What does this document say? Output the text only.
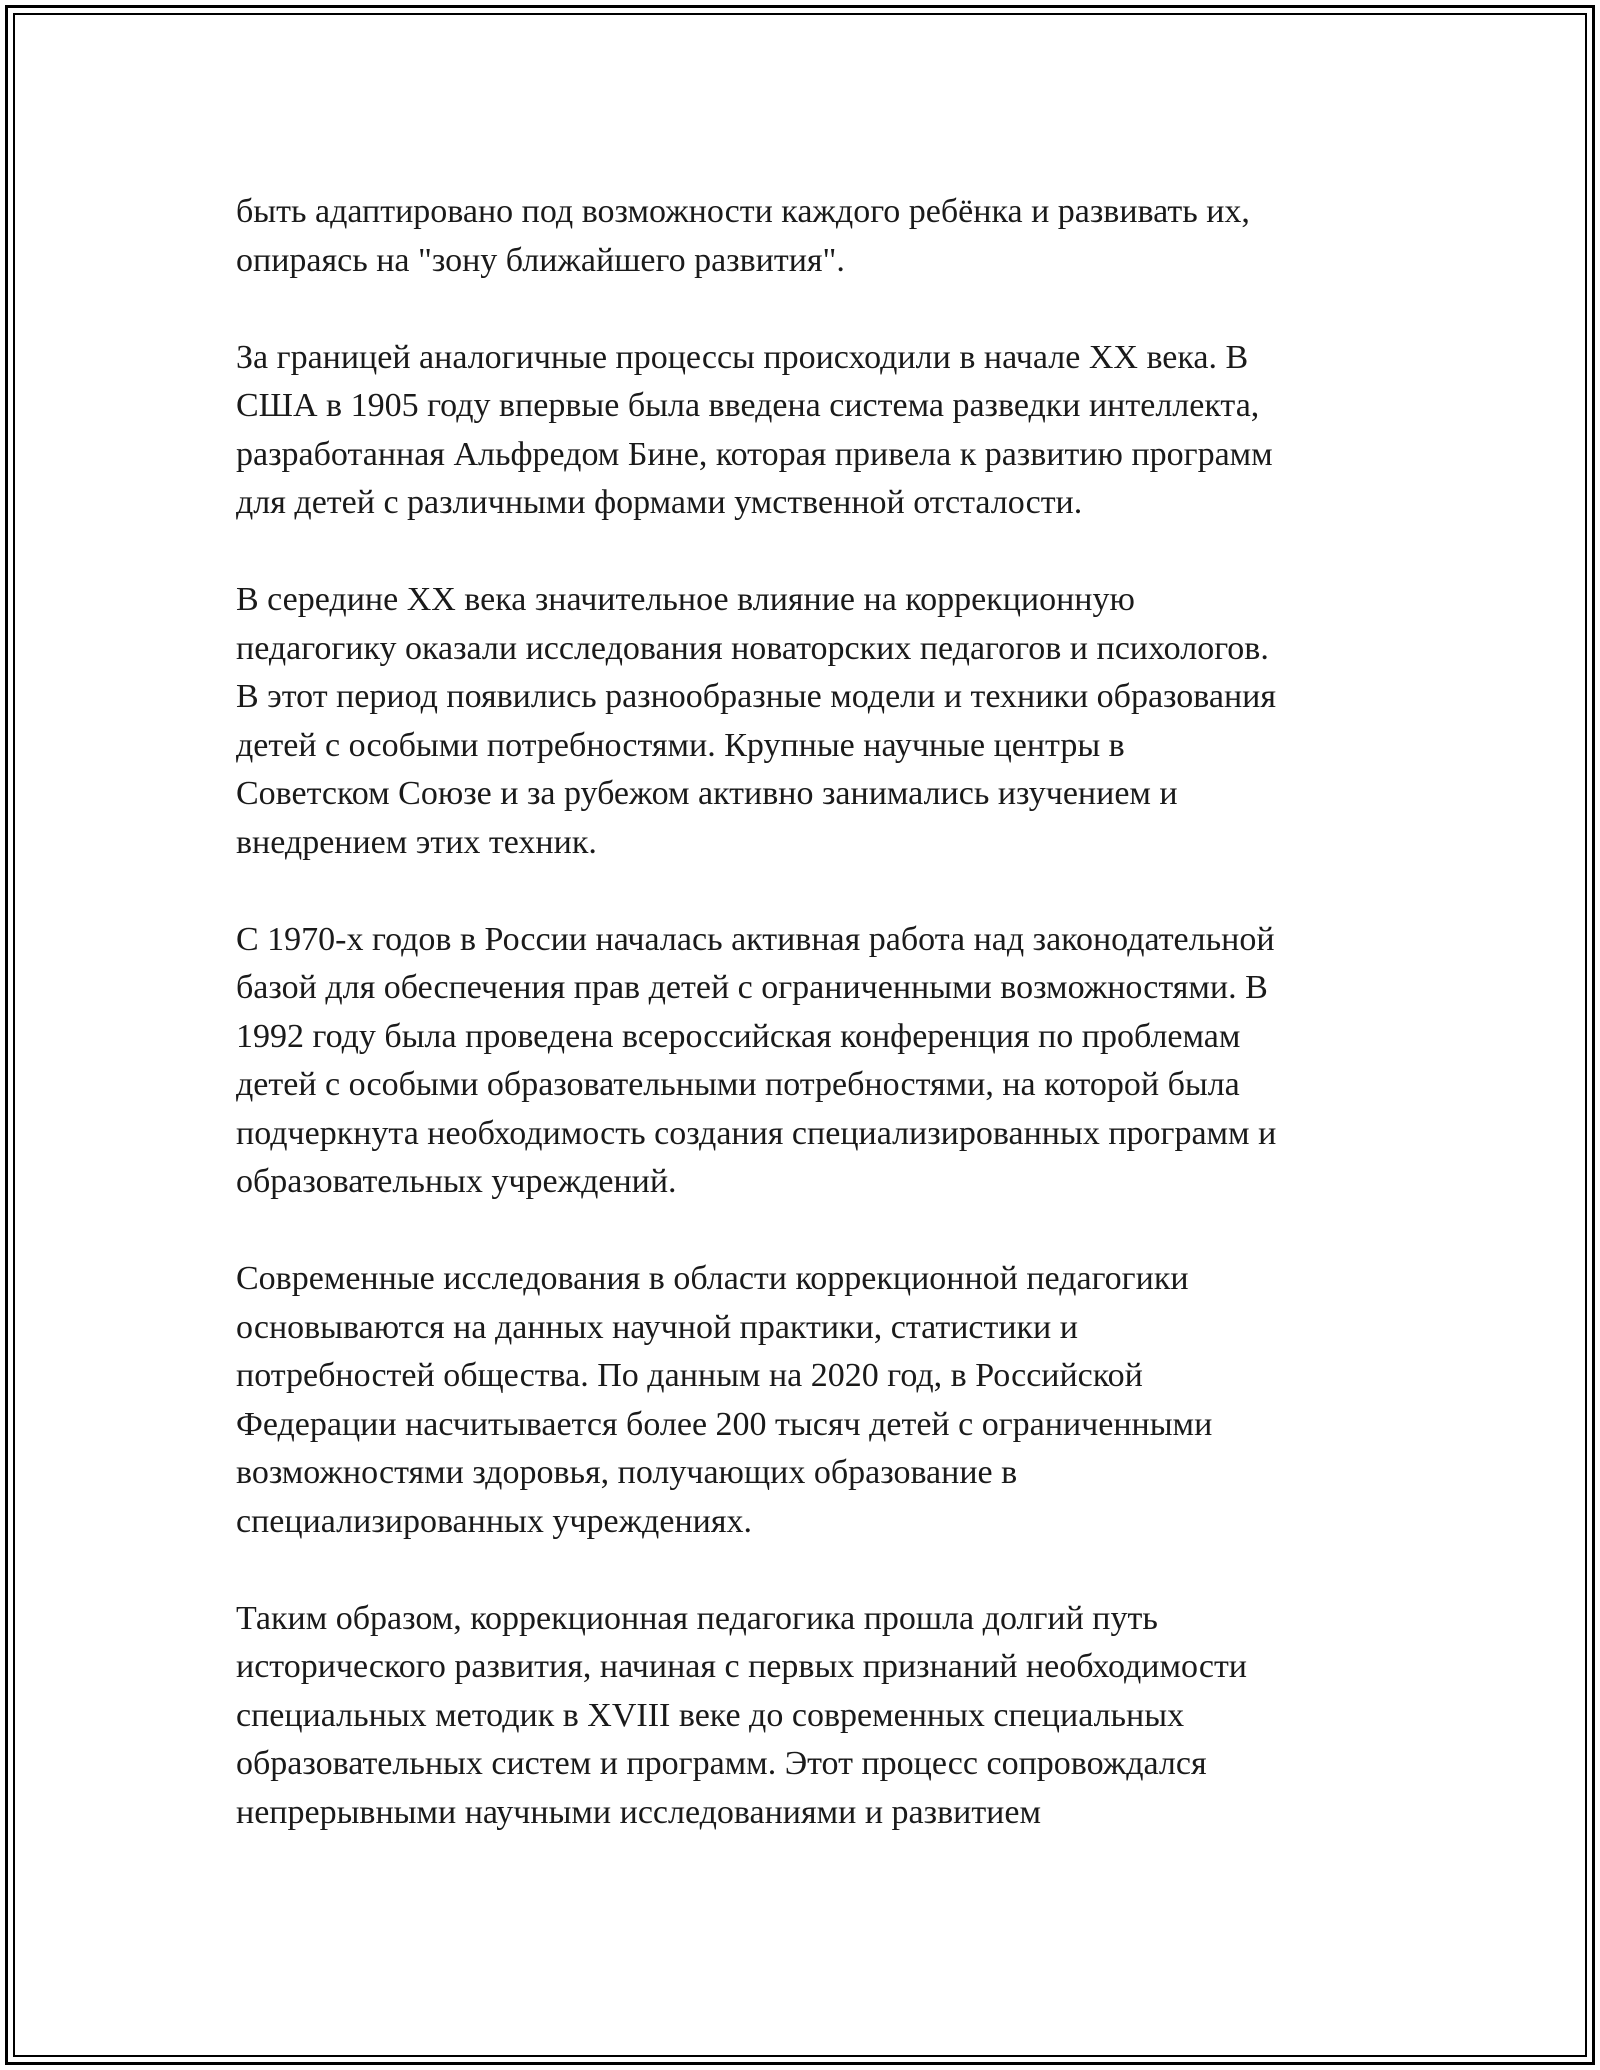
быть адаптировано под возможности каждого ребёнка и развивать их,
опираясь на "зону ближайшего развития".

За границей аналогичные процессы происходили в начале XX века. В
США в 1905 году впервые была введена система разведки интеллекта,
разработанная Альфредом Бине, которая привела к развитию программ
для детей с различными формами умственной отсталости.

В середине XX века значительное влияние на коррекционную
педагогику оказали исследования новаторских педагогов и психологов.
В этот период появились разнообразные модели и техники образования
детей с особыми потребностями. Крупные научные центры в
Советском Союзе и за рубежом активно занимались изучением и
внедрением этих техник.

С 1970-х годов в России началась активная работа над законодательной
базой для обеспечения прав детей с ограниченными возможностями. В
1992 году была проведена всероссийская конференция по проблемам
детей с особыми образовательными потребностями, на которой была
подчеркнута необходимость создания специализированных программ и
образовательных учреждений.

Современные исследования в области коррекционной педагогики
основываются на данных научной практики, статистики и
потребностей общества. По данным на 2020 год, в Российской
Федерации насчитывается более 200 тысяч детей с ограниченными
возможностями здоровья, получающих образование в
специализированных учреждениях.

Таким образом, коррекционная педагогика прошла долгий путь
исторического развития, начиная с первых признаний необходимости
специальных методик в XVIII веке до современных специальных
образовательных систем и программ. Этот процесс сопровождался
непрерывными научными исследованиями и развитием
